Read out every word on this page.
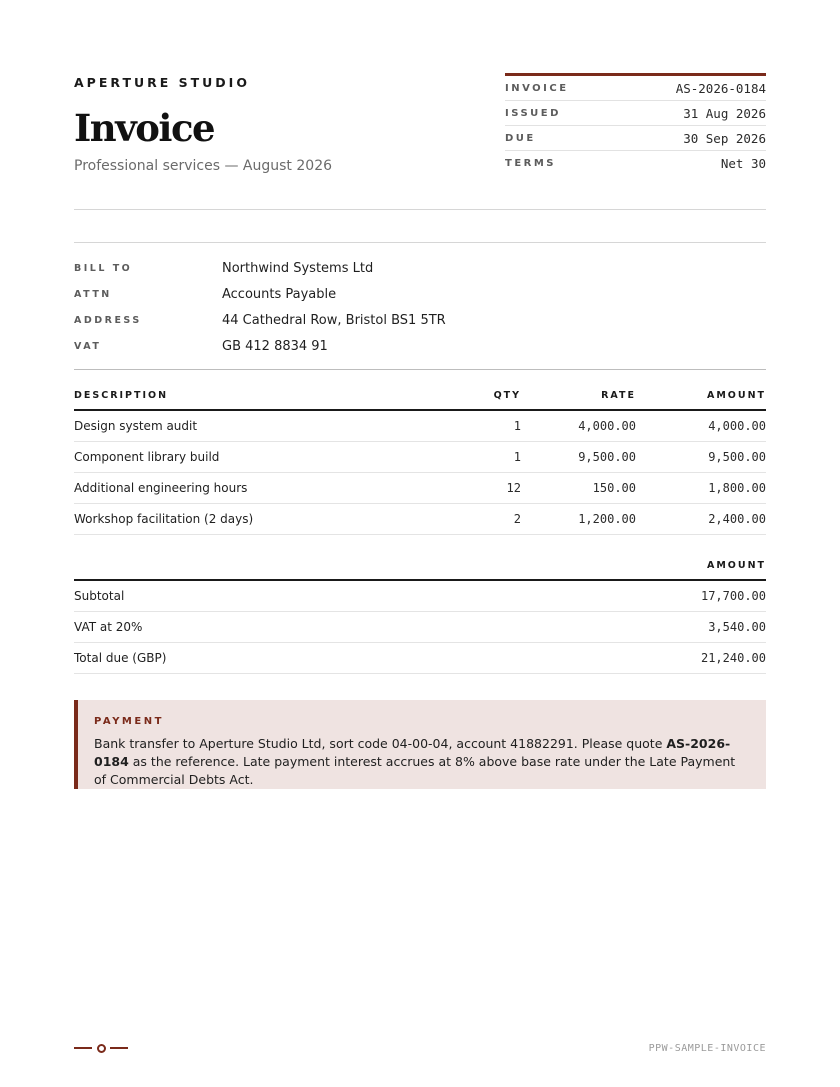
APERTURE STUDIO
Invoice
Professional services — August 2026
INVOICE	AS-2026-0184
ISSUED	31 Aug 2026
DUE	30 Sep 2026
TERMS	Net 30
BILL TO	Northwind Systems Ltd
ATTN	Accounts Payable
ADDRESS	44 Cathedral Row, Bristol BS1 5TR
VAT	GB 412 8834 91
DESCRIPTION	QTY	RATE	AMOUNT
Design system audit	1	4,000.00	4,000.00
Component library build	1	9,500.00	9,500.00
Additional engineering hours	12	150.00	1,800.00
Workshop facilitation (2 days)	2	1,200.00	2,400.00
AMOUNT
Subtotal	17,700.00
VAT at 20%	3,540.00
Total due (GBP)	21,240.00
PAYMENT
Bank transfer to Aperture Studio Ltd, sort code 04-00-04, account 41882291. Please quote AS-2026-0184 as the reference. Late payment interest accrues at 8% above base rate under the Late Payment of Commercial Debts Act.
PPW-SAMPLE-INVOICE
